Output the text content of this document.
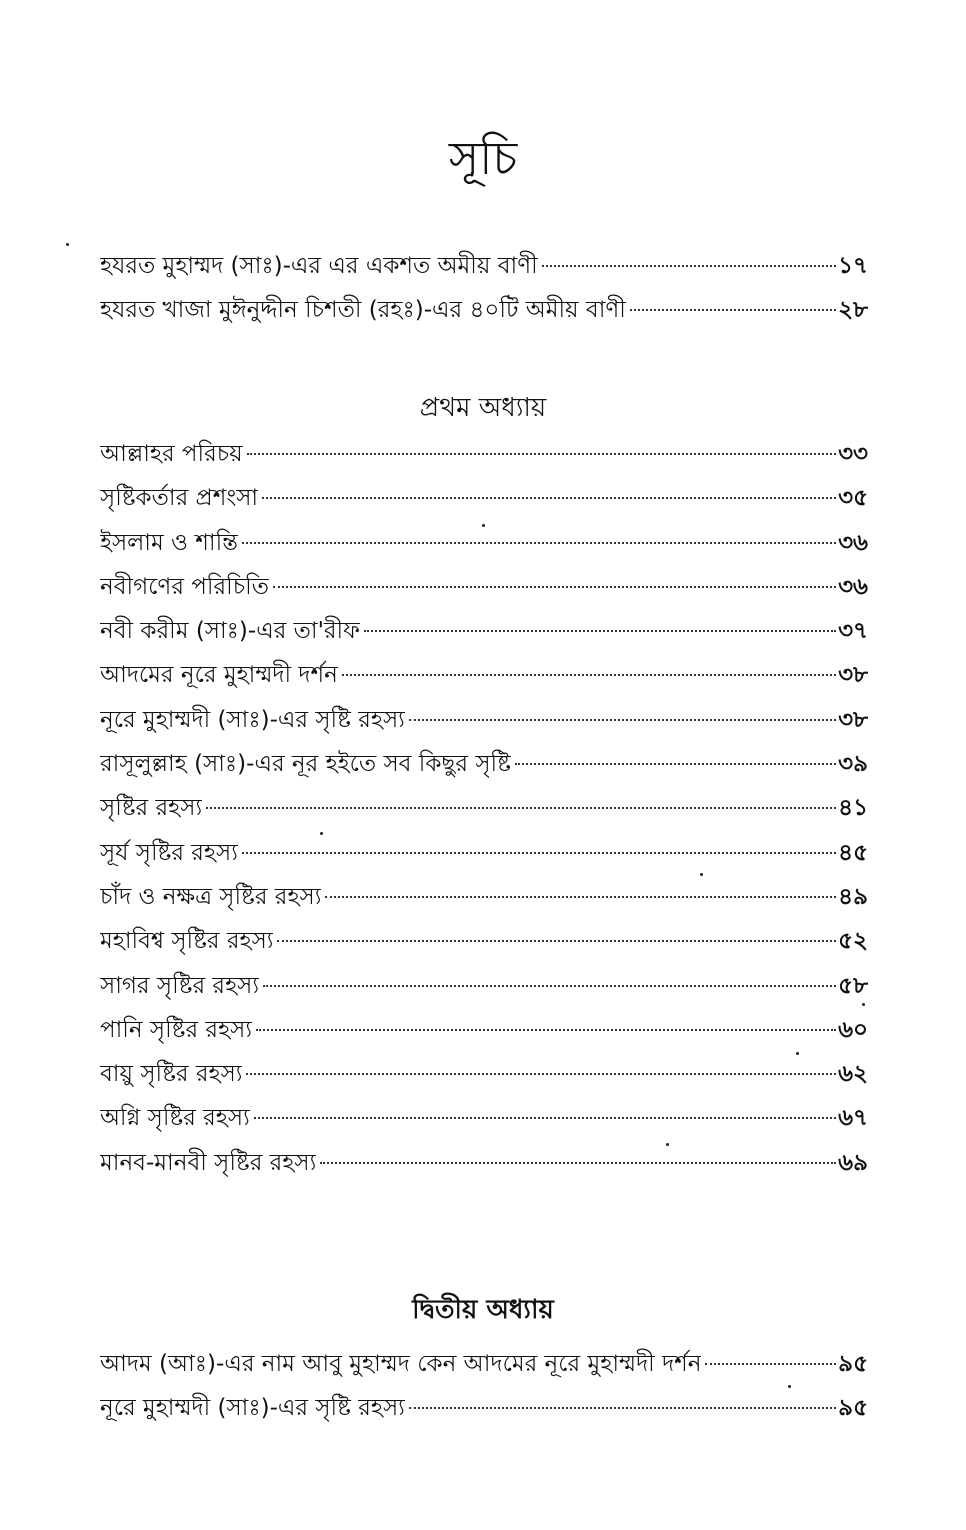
সূচি
হযরত মুহাম্মদ (সাঃ)-এর এর একশত অমীয় বাণী	১৭
হযরত খাজা মুঈনুদ্দীন চিশতী (রহঃ)-এর ৪০টি অমীয় বাণী	২৮
প্রথম অধ্যায়
আল্লাহর পরিচয়	৩৩
সৃষ্টিকর্তার প্রশংসা	৩৫
ইসলাম ও শান্তি	৩৬
নবীগণের পরিচিতি	৩৬
নবী করীম (সাঃ)-এর তা'রীফ	৩৭
আদমের নূরে মুহাম্মদী দর্শন	৩৮
নূরে মুহাম্মদী (সাঃ)-এর সৃষ্টি রহস্য	৩৮
রাসূলুল্লাহ (সাঃ)-এর নূর হইতে সব কিছুর সৃষ্টি	৩৯
সৃষ্টির রহস্য	৪১
সূর্য সৃষ্টির রহস্য	৪৫
চাঁদ ও নক্ষত্র সৃষ্টির রহস্য	৪৯
মহাবিশ্ব সৃষ্টির রহস্য	৫২
সাগর সৃষ্টির রহস্য	৫৮
পানি সৃষ্টির রহস্য	৬০
বায়ু সৃষ্টির রহস্য	৬২
অগ্নি সৃষ্টির রহস্য	৬৭
মানব-মানবী সৃষ্টির রহস্য	৬৯
দ্বিতীয় অধ্যায়
আদম (আঃ)-এর নাম আবু মুহাম্মদ কেন আদমের নূরে মুহাম্মদী দর্শন	৯৫
নূরে মুহাম্মদী (সাঃ)-এর সৃষ্টি রহস্য	৯৫
